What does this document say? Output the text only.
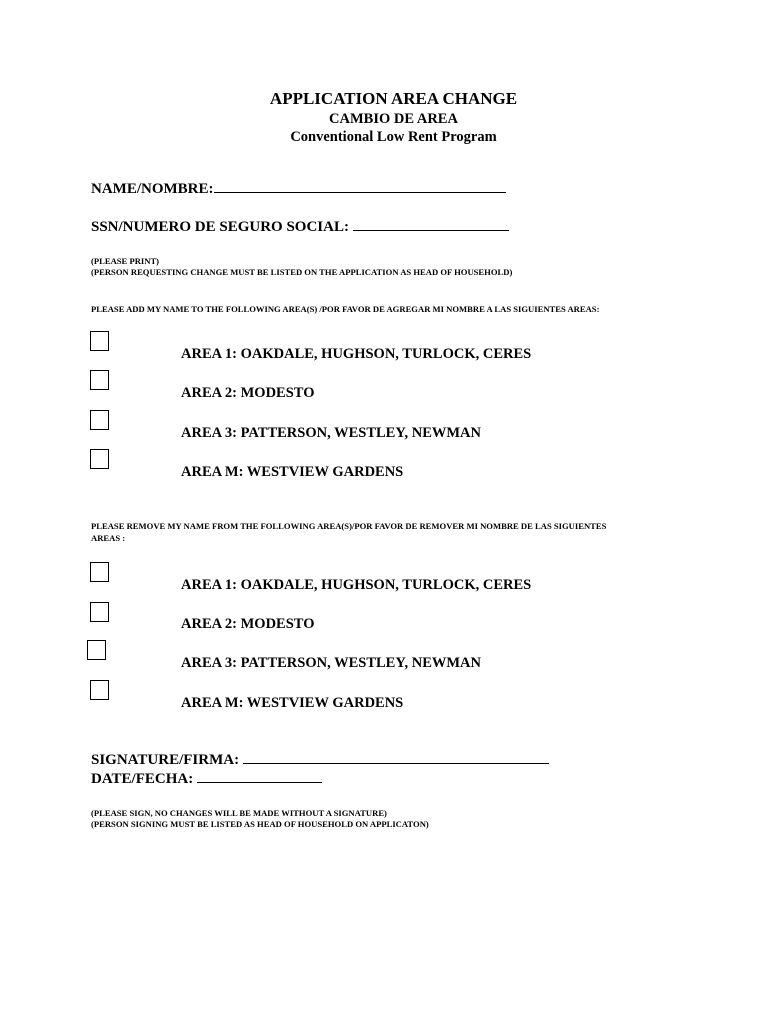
APPLICATION AREA CHANGE
CAMBIO DE AREA
Conventional Low Rent Program
NAME/NOMBRE:
SSN/NUMERO DE SEGURO SOCIAL:
(PLEASE PRINT)
(PERSON REQUESTING CHANGE MUST BE LISTED ON THE APPLICATION AS HEAD OF HOUSEHOLD)
PLEASE ADD MY NAME TO THE FOLLOWING AREA(S) /POR FAVOR DE AGREGAR MI NOMBRE A LAS SIGUIENTES AREAS:
AREA 1: OAKDALE, HUGHSON, TURLOCK, CERES
AREA 2: MODESTO
AREA 3: PATTERSON, WESTLEY, NEWMAN
AREA M: WESTVIEW GARDENS
PLEASE REMOVE MY NAME FROM THE FOLLOWING AREA(S)/POR FAVOR DE REMOVER MI NOMBRE DE LAS SIGUIENTES
AREAS :
AREA 1: OAKDALE, HUGHSON, TURLOCK, CERES
AREA 2: MODESTO
AREA 3: PATTERSON, WESTLEY, NEWMAN
AREA M: WESTVIEW GARDENS
SIGNATURE/FIRMA:
DATE/FECHA:
(PLEASE SIGN, NO CHANGES WILL BE MADE WITHOUT A SIGNATURE)
(PERSON SIGNING MUST BE LISTED AS HEAD OF HOUSEHOLD ON APPLICATON)
